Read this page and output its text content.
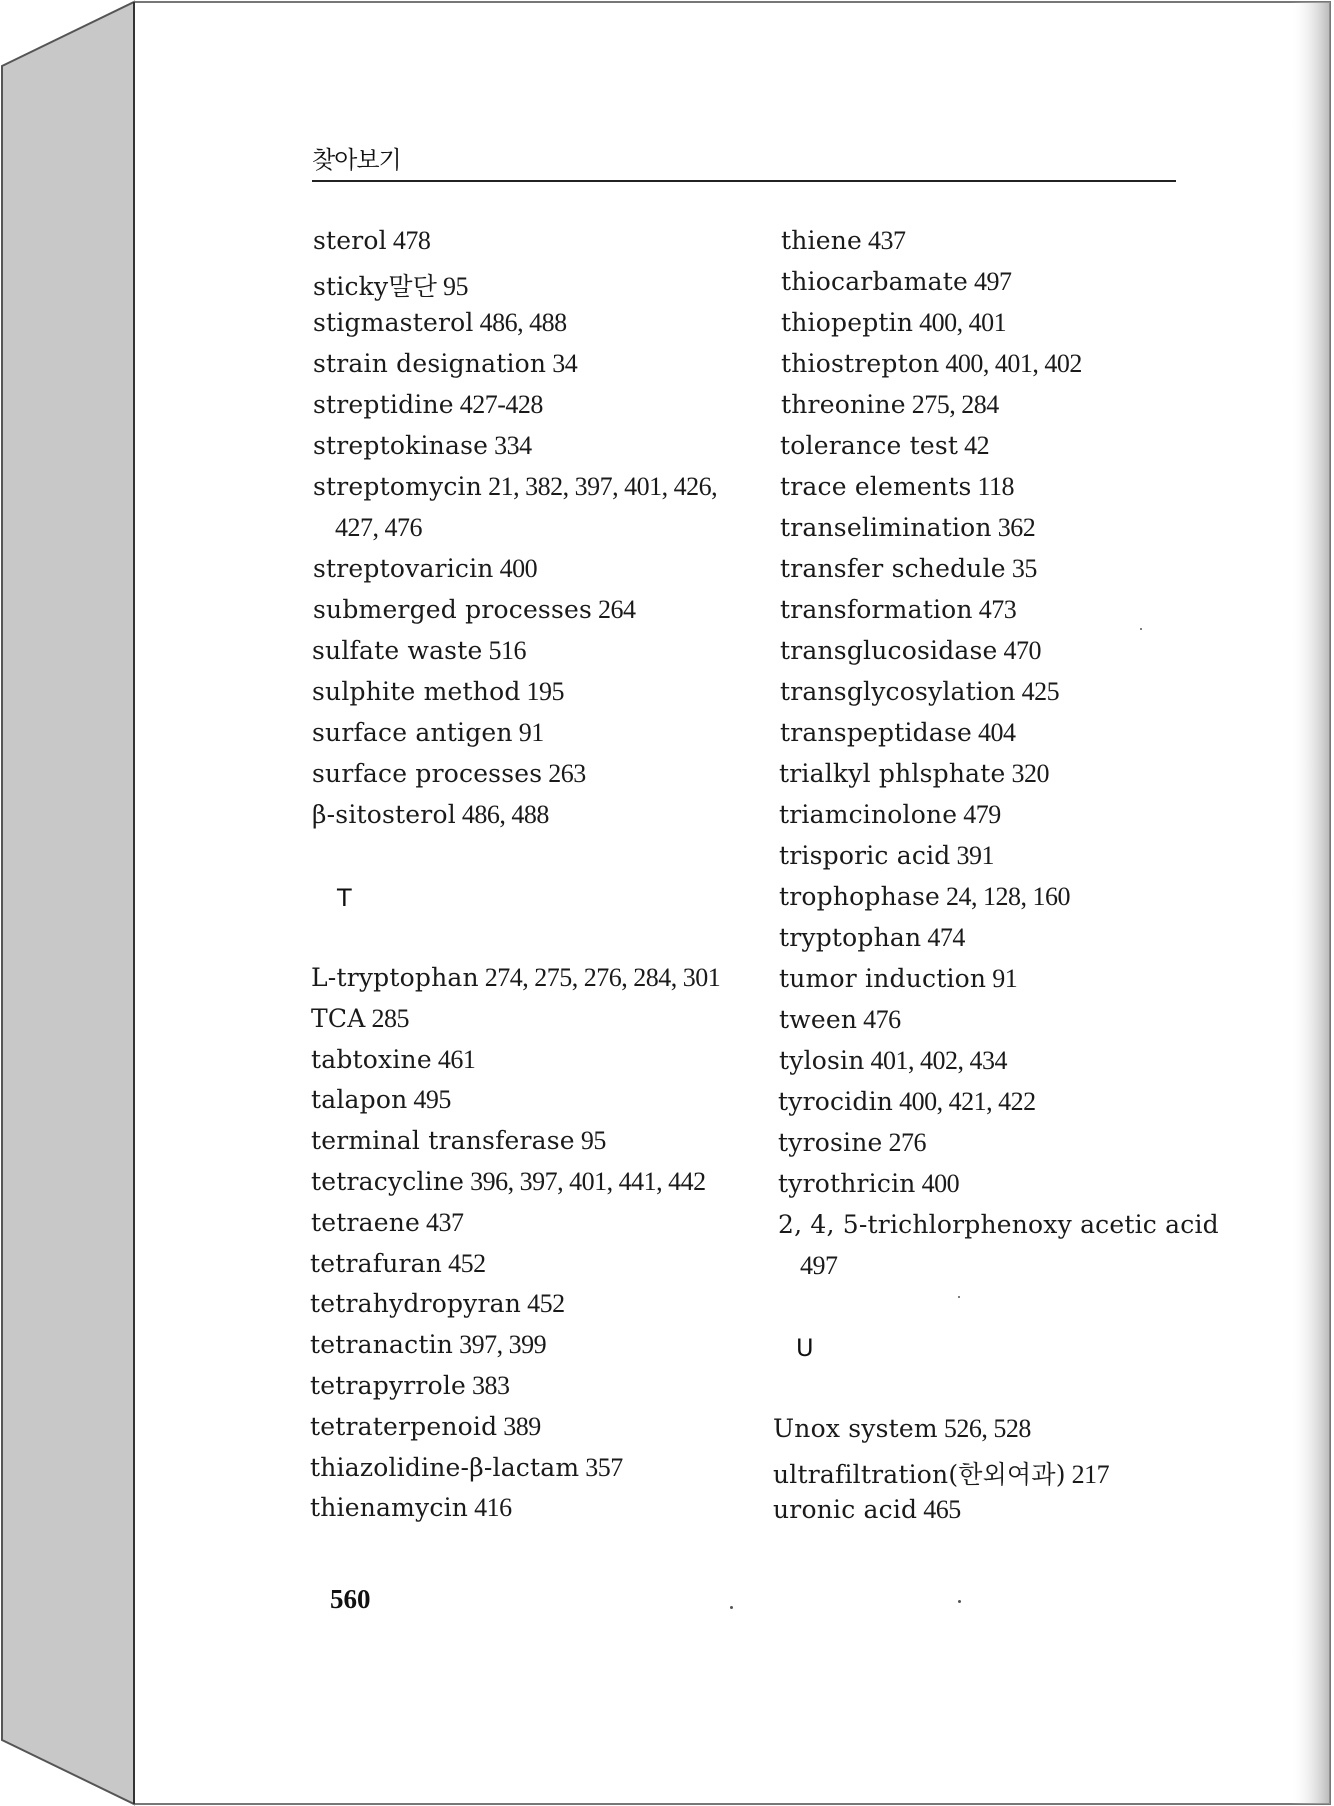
찾아보기
sterol 478
sticky말단 95
stigmasterol 486, 488
strain designation 34
streptidine 427-428
streptokinase 334
streptomycin 21, 382, 397, 401, 426,
427, 476
streptovaricin 400
submerged processes 264
sulfate waste 516
sulphite method 195
surface antigen 91
surface processes 263
β-sitosterol 486, 488
L-tryptophan 274, 275, 276, 284, 301
TCA 285
tabtoxine 461
talapon 495
terminal transferase 95
tetracycline 396, 397, 401, 441, 442
tetraene 437
tetrafuran 452
tetrahydropyran 452
tetranactin 397, 399
tetrapyrrole 383
tetraterpenoid 389
thiazolidine-β-lactam 357
thienamycin 416
thiene 437
thiocarbamate 497
thiopeptin 400, 401
thiostrepton 400, 401, 402
threonine 275, 284
tolerance test 42
trace elements 118
transelimination 362
transfer schedule 35
transformation 473
transglucosidase 470
transglycosylation 425
transpeptidase 404
trialkyl phlsphate 320
triamcinolone 479
trisporic acid 391
trophophase 24, 128, 160
tryptophan 474
tumor induction 91
tween 476
tylosin 401, 402, 434
tyrocidin 400, 421, 422
tyrosine 276
tyrothricin 400
2, 4, 5-trichlorphenoxy acetic acid
497
Unox system 526, 528
ultrafiltration(한외여과) 217
uronic acid 465
T
U
560
